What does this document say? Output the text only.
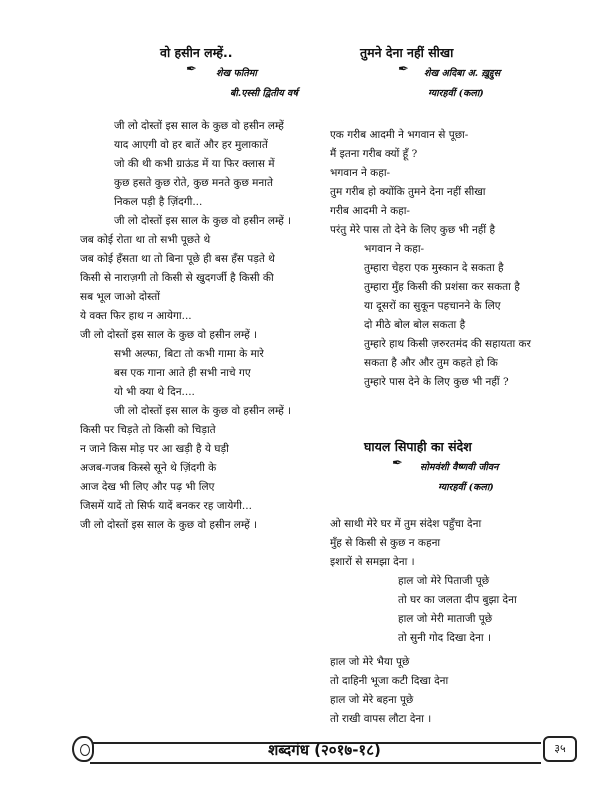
वो हसीन लम्हें..
✒ शेख फतिमा
बी.एस्सी द्वितीय वर्ष
जी लो दोस्तों इस साल के कुछ वो हसीन लम्हें
याद आएगी वो हर बातें और हर मुलाकातें
जो की थी कभी ग्राऊंड में या फिर क्लास में
कुछ हसते कुछ रोते, कुछ मनते कुछ मनाते
निकल पड़ी है ज़िंदगी...
जी लो दोस्तों इस साल के कुछ वो हसीन लम्हें ।
जब कोई रोता था तो सभी पूछते थे
जब कोई हँसता था तो बिना पूछे ही बस हँस पड़ते थे
किसी से नाराज़गी तो किसी से खुदगर्जी है किसी की
सब भूल जाओ दोस्तों
ये वक्त फिर हाथ न आयेगा...
जी लो दोस्तों इस साल के कुछ वो हसीन लम्हें ।
सभी अल्फा, बिटा तो कभी गामा के मारे
बस एक गाना आते ही सभी नाचे गए
यो भी क्या थे दिन....
जी लो दोस्तों इस साल के कुछ वो हसीन लम्हें ।
किसी पर चिड़ते तो किसी को चिड़ाते
न जाने किस मोड़ पर आ खड़ी है ये घड़ी
अजब-गजब किस्से सूने थे ज़िंदगी के
आज देख भी लिए और पढ़ भी लिए
जिसमें यादें तो सिर्फ यादें बनकर रह जायेगी...
जी लो दोस्तों इस साल के कुछ वो हसीन लम्हें ।
तुमने देना नहीं सीखा
✒ शेख अदिबा अ. ख़ुद्दुस
ग्यारहवीं (कला)
एक गरीब आदमी ने भगवान से पूछा-
मैं इतना गरीब क्यों हूँ ?
भगवान ने कहा-
तुम गरीब हो क्योंकि तुमने देना नहीं सीखा
गरीब आदमी ने कहा-
परंतु मेरे पास तो देने के लिए कुछ भी नहीं है
भगवान ने कहा-
तुम्हारा चेहरा एक मुस्कान दे सकता है
तुम्हारा मुँह किसी की प्रशंसा कर सकता है
या दूसरों का सुकून पहचानने के लिए
दो मीठे बोल बोल सकता है
तुम्हारे हाथ किसी ज़रुरतमंद की सहायता कर
सकता है और और तुम कहते हो कि
तुम्हारे पास देने के लिए कुछ भी नहीं ?
घायल सिपाही का संदेश
✒ सोमवंशी वैष्णवी जीवन
ग्यारहवीं (कला)
ओ साथी मेरे घर में तुम संदेश पहुँचा देना
मुँह से किसी से कुछ न कहना
इशारों से समझा देना ।
हाल जो मेरे पिताजी पूछे
तो घर का जलता दीप बुझा देना
हाल जो मेरी माताजी पूछे
तो सुनी गोद दिखा देना ।
हाल जो मेरे भैया पूछे
तो दाहिनी भूजा कटी दिखा देना
हाल जो मेरे बहना पूछे
तो राखी वापस लौटा देना ।
शब्दगंध (२०१७-१८)	३५
